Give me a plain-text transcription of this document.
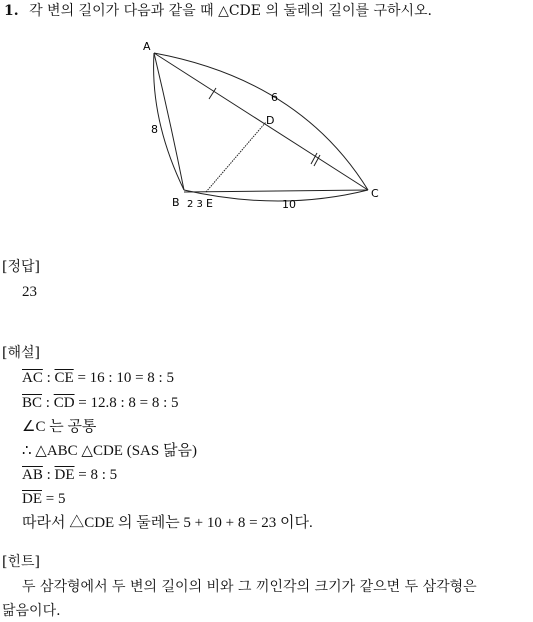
1. 각 변의 길이가 다음과 같을 때 △CDE 의 둘레의 길이를 구하시오.
A
B
C
D
E
8
6
2 3	10
[정답]
23
[해설]
$\overline{AC}$ : $\overline{CE} = 16$ : 10 = 8 : 5
$\overline{BC}$ : $\overline{CD} = 12.8$ : 8 = 8 : 5
∠C 는 공통
∴ △ABC △CDE (SAS 닮음)
$\overline{AB}$ : $\overline{DE} = 8$ : 5
$\overline{DE} = 5$
따라서 △CDE 의 둘레는 5 + 10 + 8 = 23 이다.
[힌트]
두 삼각형에서 두 변의 길이의 비와 그 끼인각의 크기가 같으면 두 삼각형은
닮음이다.
